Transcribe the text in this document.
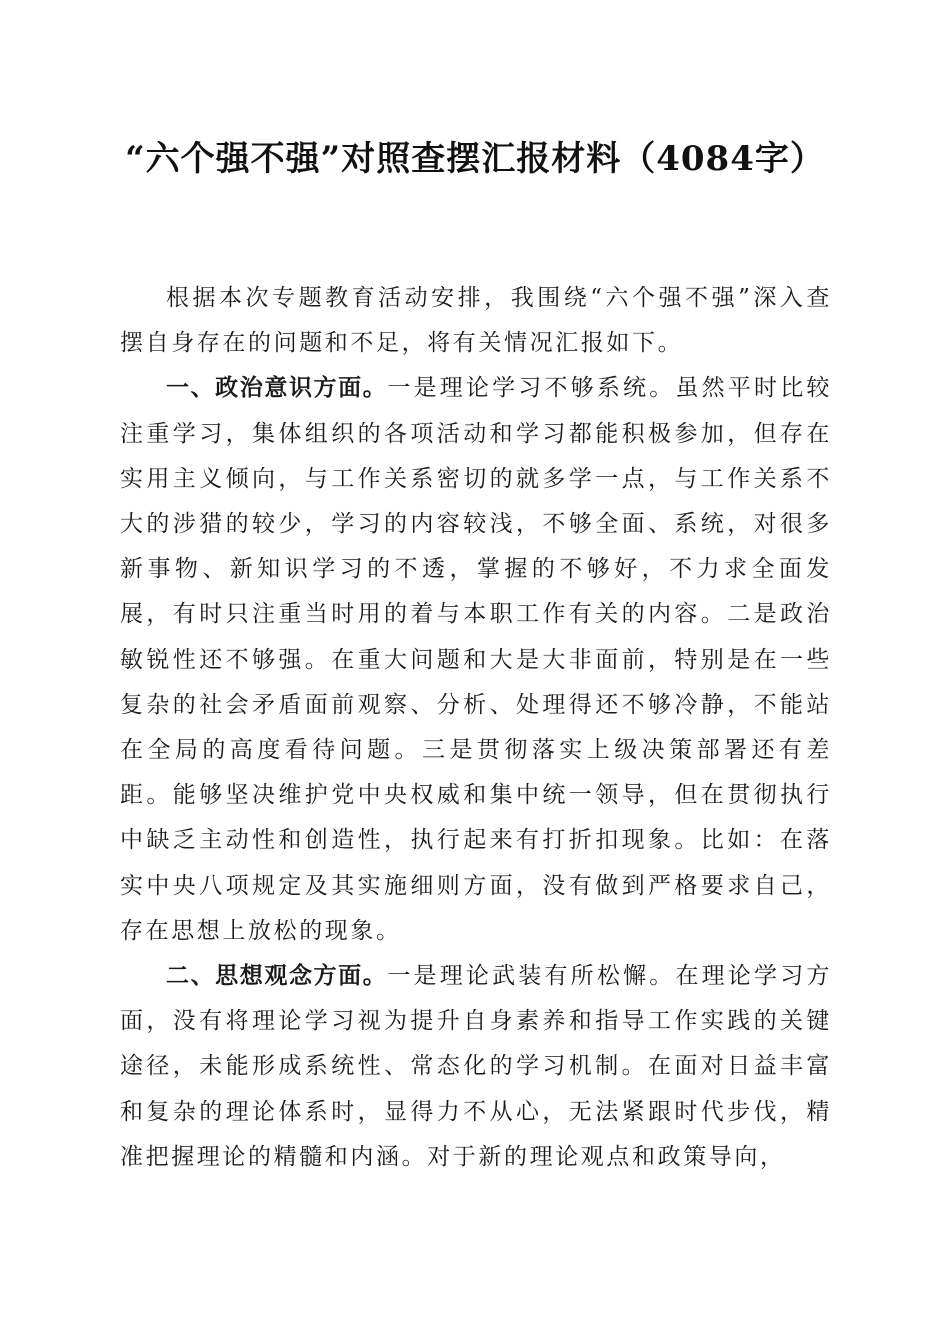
“六个强不强”对照查摆汇报材料（4084字）

根据本次专题教育活动安排，我围绕“六个强不强”深入查摆自身存在的问题和不足，将有关情况汇报如下。

一、政治意识方面。一是理论学习不够系统。虽然平时比较注重学习，集体组织的各项活动和学习都能积极参加，但存在实用主义倾向，与工作关系密切的就多学一点，与工作关系不大的涉猎的较少，学习的内容较浅，不够全面、系统，对很多新事物、新知识学习的不透，掌握的不够好，不力求全面发展，有时只注重当时用的着与本职工作有关的内容。二是政治敏锐性还不够强。在重大问题和大是大非面前，特别是在一些复杂的社会矛盾面前观察、分析、处理得还不够冷静，不能站在全局的高度看待问题。三是贯彻落实上级决策部署还有差距。能够坚决维护党中央权威和集中统一领导，但在贯彻执行中缺乏主动性和创造性，执行起来有打折扣现象。比如：在落实中央八项规定及其实施细则方面，没有做到严格要求自己，存在思想上放松的现象。

二、思想观念方面。一是理论武装有所松懈。在理论学习方面，没有将理论学习视为提升自身素养和指导工作实践的关键途径，未能形成系统性、常态化的学习机制。在面对日益丰富和复杂的理论体系时，显得力不从心，无法紧跟时代步伐，精准把握理论的精髓和内涵。对于新的理论观点和政策导向，
